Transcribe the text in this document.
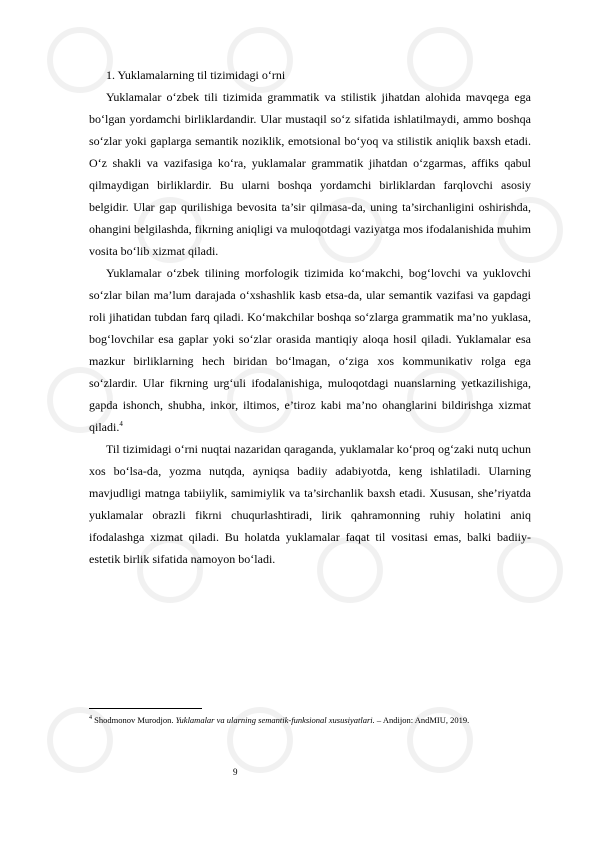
1. Yuklamalarning til tizimidagi o‘rni

Yuklamalar o‘zbek tili tizimida grammatik va stilistik jihatdan alohida mavqega ega bo‘lgan yordamchi birliklardandir. Ular mustaqil so‘z sifatida ishlatilmaydi, ammo boshqa so‘zlar yoki gaplarga semantik noziklik, emotsional bo‘yoq va stilistik aniqlik baxsh etadi. O‘z shakli va vazifasiga ko‘ra, yuklamalar grammatik jihatdan o‘zgarmas, affiks qabul qilmaydigan birliklardir. Bu ularni boshqa yordamchi birliklardan farqlovchi asosiy belgidir. Ular gap qurilishiga bevosita ta’sir qilmasa-da, uning ta’sirchanligini oshirishda, ohangini belgilashda, fikrning aniqligi va muloqotdagi vaziyatga mos ifodalanishida muhim vosita bo‘lib xizmat qiladi.

Yuklamalar o‘zbek tilining morfologik tizimida ko‘makchi, bog‘lovchi va yuklovchi so‘zlar bilan ma’lum darajada o‘xshashlik kasb etsa-da, ular semantik vazifasi va gapdagi roli jihatidan tubdan farq qiladi. Ko‘makchilar boshqa so‘zlarga grammatik ma’no yuklasa, bog‘lovchilar esa gaplar yoki so‘zlar orasida mantiqiy aloqa hosil qiladi. Yuklamalar esa mazkur birliklarning hech biridan bo‘lmagan, o‘ziga xos kommunikativ rolga ega so‘zlardir. Ular fikrning urg‘uli ifodalanishiga, muloqotdagi nuanslarning yetkazilishiga, gapda ishonch, shubha, inkor, iltimos, e’tiroz kabi ma’no ohanglarini bildirishga xizmat qiladi.$^4$

Til tizimidagi o‘rni nuqtai nazaridan qaraganda, yuklamalar ko‘proq og‘zaki nutq uchun xos bo‘lsa-da, yozma nutqda, ayniqsa badiiy adabiyotda, keng ishlatiladi. Ularning mavjudligi matnga tabiiylik, samimiylik va ta’sirchanlik baxsh etadi. Xususan, she’riyatda yuklamalar obrazli fikrni chuqurlashtiradi, lirik qahramonning ruhiy holatini aniq ifodalashga xizmat qiladi. Bu holatda yuklamalar faqat til vositasi emas, balki badiiy-estetik birlik sifatida namoyon bo‘ladi.

$^4$ Shodmonov Murodjon. Yuklamalar va ularning semantik-funksional xususiyatlari. – Andijon: AndMIU, 2019.

9
